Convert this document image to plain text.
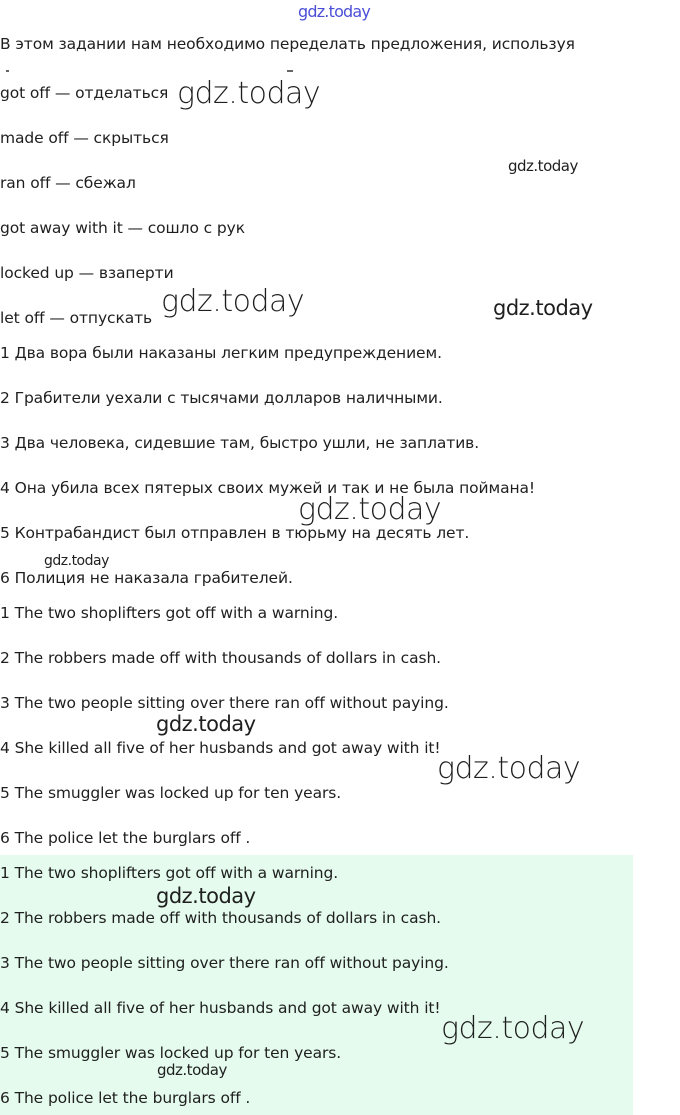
В этом задании нам необходимо переделать предложения, используя

got off — отделаться

made off — скрыться

ran off — сбежал

got away with it — сошло с рук

locked up — взаперти

let off — отпускать

1 Два вора были наказаны легким предупреждением.

2 Грабители уехали с тысячами долларов наличными.

3 Два человека, сидевшие там, быстро ушли, не заплатив.

4 Она убила всех пятерых своих мужей и так и не была поймана!

5 Контрабандист был отправлен в тюрьму на десять лет.

6 Полиция не наказала грабителей.

1 The two shoplifters got off with a warning.

2 The robbers made off with thousands of dollars in cash.

3 The two people sitting over there ran off without paying.

4 She killed all five of her husbands and got away with it!

5 The smuggler was locked up for ten years.

6 The police let the burglars off .

1 The two shoplifters got off with a warning.

2 The robbers made off with thousands of dollars in cash.

3 The two people sitting over there ran off without paying.

4 She killed all five of her husbands and got away with it!

5 The smuggler was locked up for ten years.

6 The police let the burglars off .

gdz.today
gdz.today
gdz.today
gdz.today	gdz.today
gdz.today
gdz.today
gdz.today
gdz.today
gdz.today
gdz.today
gdz.today
